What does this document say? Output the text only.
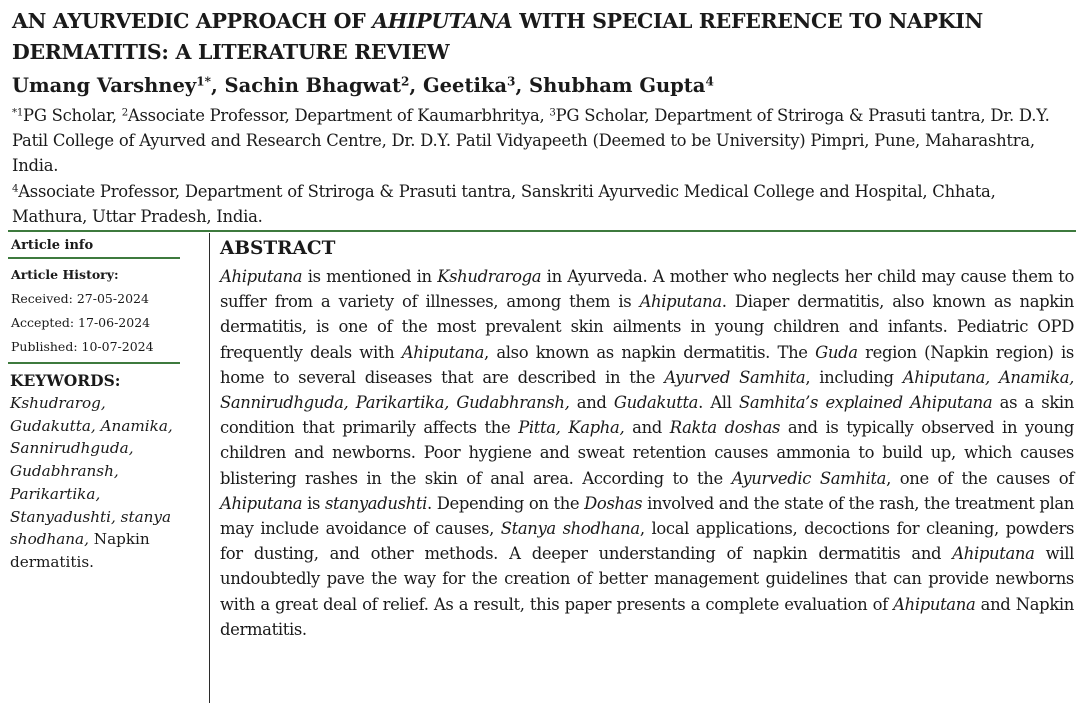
AN AYURVEDIC APPROACH OF AHIPUTANA WITH SPECIAL REFERENCE TO NAPKIN DERMATITIS: A LITERATURE REVIEW

Umang Varshney$^{1*}$, Sachin Bhagwat$^2$, Geetika$^3$, Shubham Gupta$^4$

$^{*1}$PG Scholar, $^2$Associate Professor, Department of Kaumarbhritya, $^3$PG Scholar, Department of Striroga & Prasuti tantra, Dr. D.Y. Patil College of Ayurved and Research Centre, Dr. D.Y. Patil Vidyapeeth (Deemed to be University) Pimpri, Pune, Maharashtra, India.

$^4$Associate Professor, Department of Striroga & Prasuti tantra, Sanskriti Ayurvedic Medical College and Hospital, Chhata, Mathura, Uttar Pradesh, India.

Article info
Article History:
Received: 27-05-2024
Accepted: 17-06-2024
Published: 10-07-2024
KEYWORDS:
Kshudrarog, Gudakutta, Anamika, Sannirudhguda, Gudabhransh, Parikartika, Stanyadushti, stanya shodhana, Napkin dermatitis.
ABSTRACT

Ahiputana is mentioned in Kshudraroga in Ayurveda. A mother who neglects her child may cause them to suffer from a variety of illnesses, among them is Ahiputana. Diaper dermatitis, also known as napkin dermatitis, is one of the most prevalent skin ailments in young children and infants. Pediatric OPD frequently deals with Ahiputana, also known as napkin dermatitis. The Guda region (Napkin region) is home to several diseases that are described in the Ayurved Samhita, including Ahiputana, Anamika, Sannirudhguda, Parikartika, Gudabhransh, and Gudakutta. All Samhita’s explained Ahiputana as a skin condition that primarily affects the Pitta, Kapha, and Rakta doshas and is typically observed in young children and newborns. Poor hygiene and sweat retention causes ammonia to build up, which causes blistering rashes in the skin of anal area. According to the Ayurvedic Samhita, one of the causes of Ahiputana is stanyadushti. Depending on the Doshas involved and the state of the rash, the treatment plan may include avoidance of causes, Stanya shodhana, local applications, decoctions for cleaning, powders for dusting, and other methods. A deeper understanding of napkin dermatitis and Ahiputana will undoubtedly pave the way for the creation of better management guidelines that can provide newborns with a great deal of relief. As a result, this paper presents a complete evaluation of Ahiputana and Napkin dermatitis.
